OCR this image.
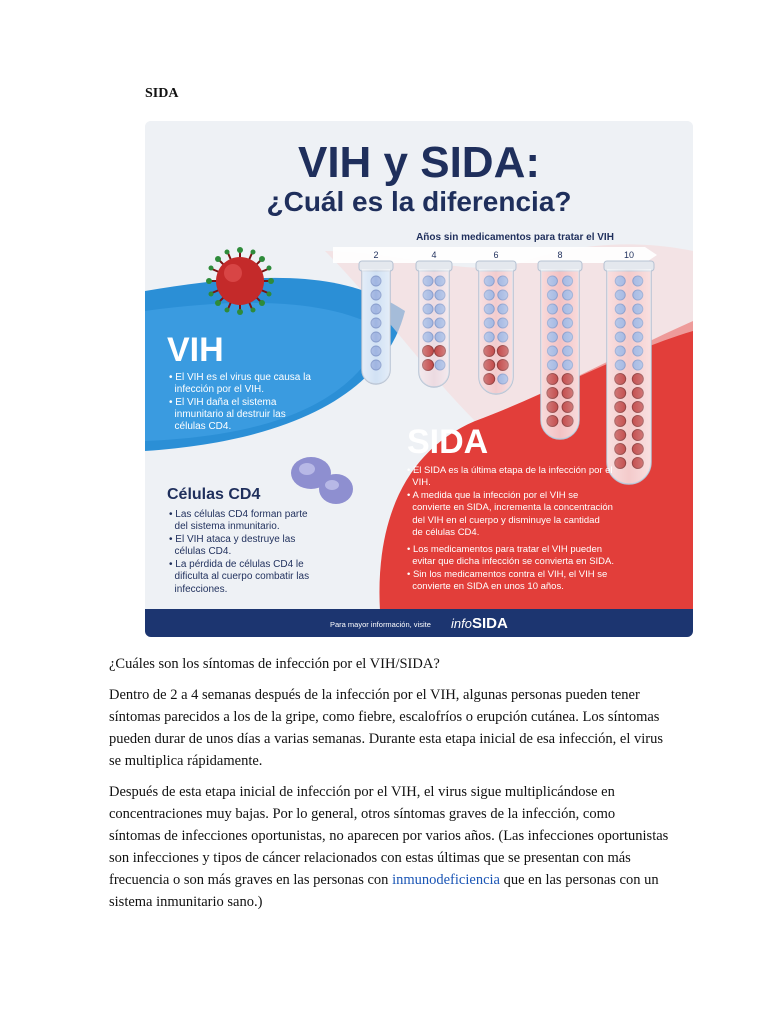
SIDA
VIH y SIDA:
¿Cuál es la diferencia?
Años sin medicamentos para tratar el VIH
2	4	6	8	10
VIH
• El VIH es el virus que causa la
infección por el VIH.
• El VIH daña el sistema
inmunitario al destruir las
células CD4.
Células CD4
• Las células CD4 forman parte
del sistema inmunitario.
• El VIH ataca y destruye las
células CD4.
• La pérdida de células CD4 le
dificulta al cuerpo combatir las
infecciones.
SIDA
• El SIDA es la última etapa de la infección por el
VIH.
• A medida que la infección por el VIH se
convierte en SIDA, incrementa la concentración
del VIH en el cuerpo y disminuye la cantidad
de células CD4.
• Los medicamentos para tratar el VIH pueden
evitar que dicha infección se convierta en SIDA.
• Sin los medicamentos contra el VIH, el VIH se
convierte en SIDA en unos 10 años.
Para mayor información, visite info SIDA
¿Cuáles son los síntomas de infección por el VIH/SIDA?

Dentro de 2 a 4 semanas después de la infección por el VIH, algunas personas pueden tener síntomas parecidos a los de la gripe, como fiebre, escalofríos o erupción cutánea. Los síntomas pueden durar de unos días a varias semanas. Durante esta etapa inicial de esa infección, el virus se multiplica rápidamente.

Después de esta etapa inicial de infección por el VIH, el virus sigue multiplicándose en concentraciones muy bajas. Por lo general, otros síntomas graves de la infección, como síntomas de infecciones oportunistas, no aparecen por varios años. (Las infecciones oportunistas son infecciones y tipos de cáncer relacionados con estas últimas que se presentan con más frecuencia o son más graves en las personas con inmunodeficiencia que en las personas con un sistema inmunitario sano.)
